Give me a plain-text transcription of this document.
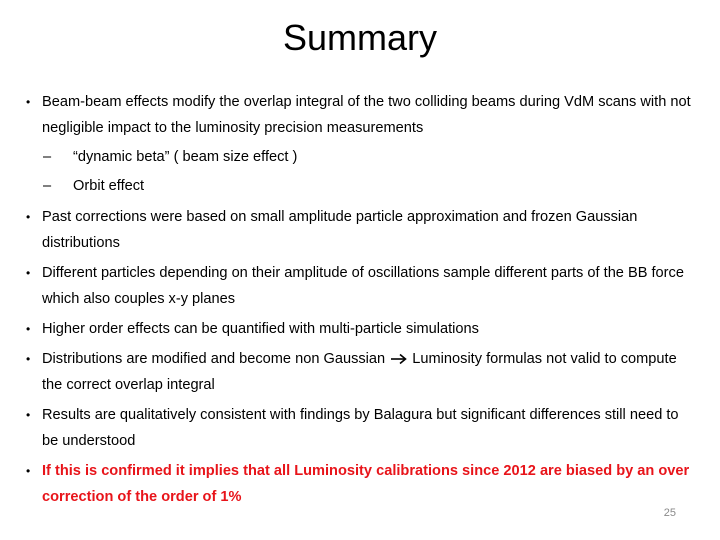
Summary
• Beam-beam effects modify the overlap integral of the two colliding beams during VdM scans with not negligible impact to the luminosity precision measurements
– “dynamic beta” ( beam size effect )
– Orbit effect
• Past corrections were based on small amplitude particle approximation and frozen Gaussian distributions
• Different particles depending on their amplitude of oscillations sample different parts of the BB force which also couples x-y planes
• Higher order effects can be quantified with multi-particle simulations
• Distributions are modified and become non Gaussian Luminosity formulas not valid to compute the correct overlap integral
• Results are qualitatively consistent with findings by Balagura but significant differences still need to be understood
• If this is confirmed it implies that all Luminosity calibrations since 2012 are biased by an over correction of the order of 1%
25
